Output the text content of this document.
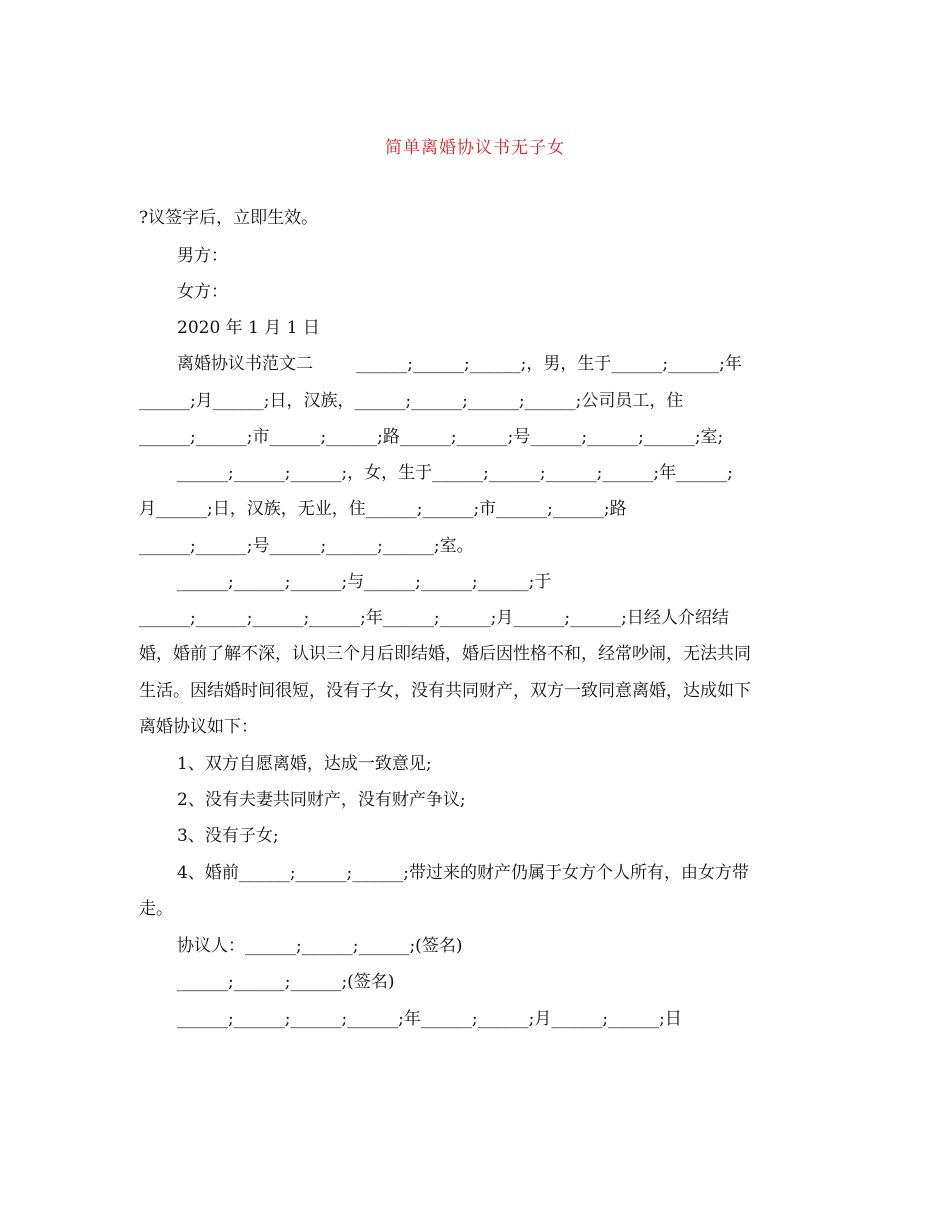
简单离婚协议书无子女
?议签字后，立即生效。
男方：
女方：
2020 年 1 月 1 日
离婚协议书范文二        ______;______;______;，男，生于______;______;年
______;月______;日，汉族，______;______;______;______;公司员工，住
______;______;市______;______;路______;______;号______;______;______;室;
______;______;______;，女，生于______;______;______;______;年______;
月______;日，汉族，无业，住______;______;市______;______;路
______;______;号______;______;______;室。
______;______;______;与______;______;______;于
______;______;______;______;年______;______;月______;______;日经人介绍结
婚，婚前了解不深，认识三个月后即结婚，婚后因性格不和，经常吵闹，无法共同
生活。因结婚时间很短，没有子女，没有共同财产，双方一致同意离婚，达成如下
离婚协议如下：
1、双方自愿离婚，达成一致意见;
2、没有夫妻共同财产，没有财产争议;
3、没有子女;
4、婚前______;______;______;带过来的财产仍属于女方个人所有，由女方带
走。
协议人：______;______;______;(签名)
______;______;______;(签名)
______;______;______;______;年______;______;月______;______;日
